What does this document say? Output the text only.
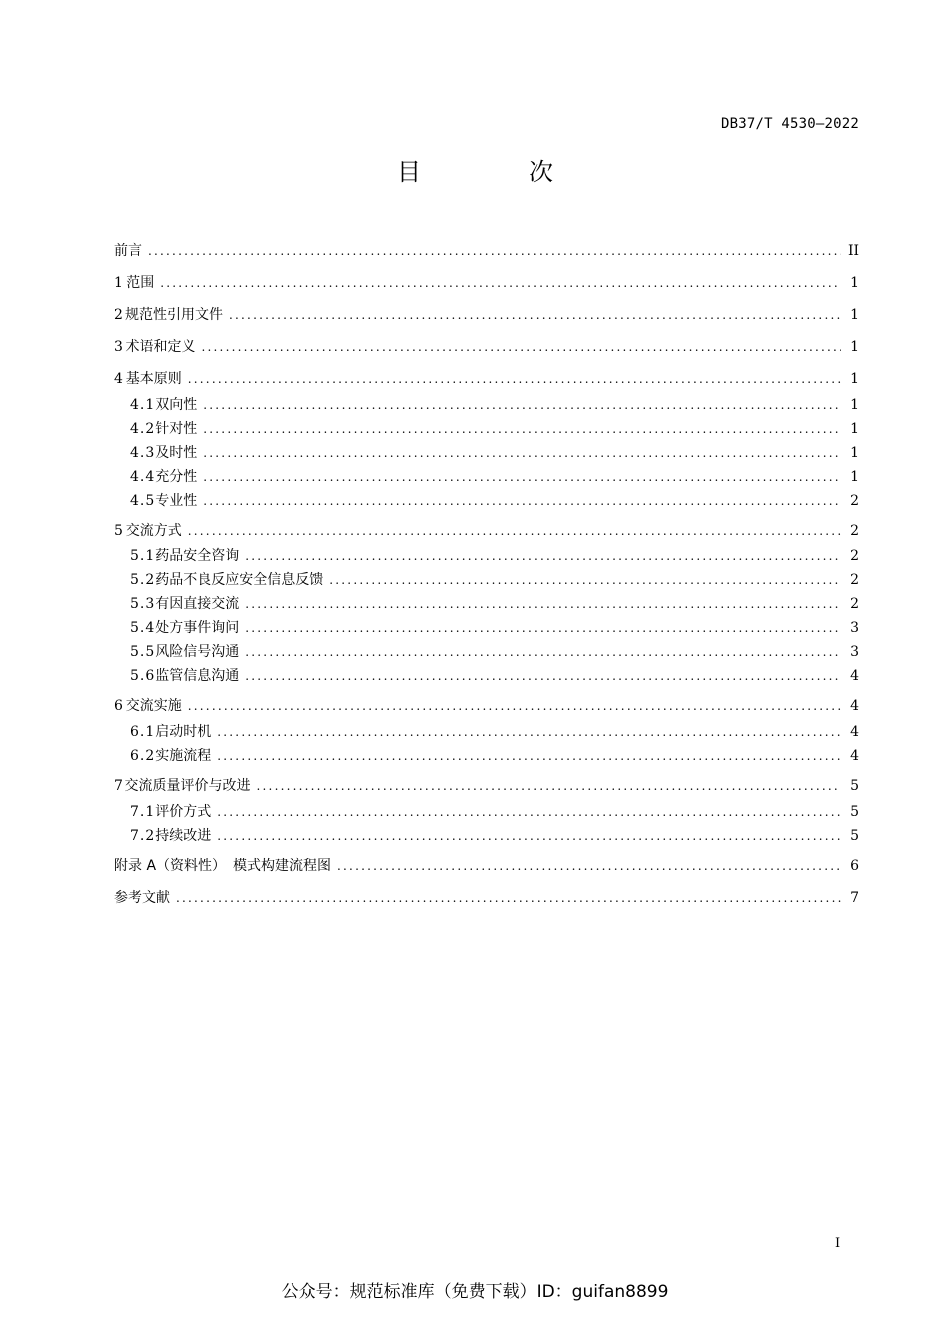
DB37/T 4530—2022
目　次
前言 .....	II
1 范围 .....	1
2 规范性引用文件 .....	1
3 术语和定义 .....	1
4 基本原则 .....	1
4.1 双向性 .....	1
4.2 针对性 .....	1
4.3 及时性 .....	1
4.4 充分性 .....	1
4.5 专业性 .....	2
5 交流方式 .....	2
5.1 药品安全咨询 .....	2
5.2 药品不良反应安全信息反馈 .....	2
5.3 有因直接交流 .....	2
5.4 处方事件询问 .....	3
5.5 风险信号沟通 .....	3
5.6 监管信息沟通 .....	4
6 交流实施 .....	4
6.1 启动时机 .....	4
6.2 实施流程 .....	4
7 交流质量评价与改进 .....	5
7.1 评价方式 .....	5
7.2 持续改进 .....	5
附录 A（资料性）　模式构建流程图 .....	6
参考文献 .....	7
I
公众号：规范标准库（免费下载）ID：guifan8899
